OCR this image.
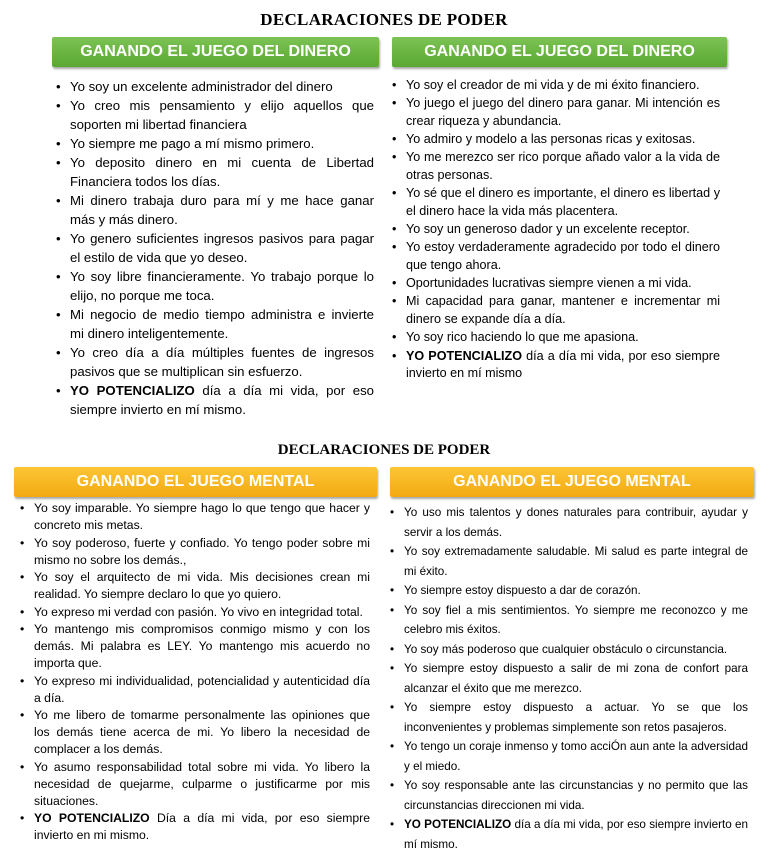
DECLARACIONES DE PODER
GANANDO EL JUEGO DEL DINERO	GANANDO EL JUEGO DEL DINERO
• Yo soy un excelente administrador del dinero
• Yo creo mis pensamiento y elijo aquellos que soporten mi libertad financiera
• Yo siempre me pago a mí mismo primero.
• Yo deposito dinero en mi cuenta de Libertad Financiera todos los días.
• Mi dinero trabaja duro para mí y me hace ganar más y más dinero.
• Yo genero suficientes ingresos pasivos para pagar el estilo de vida que yo deseo.
• Yo soy libre financieramente. Yo trabajo porque lo elijo, no porque me toca.
• Mi negocio de medio tiempo administra e invierte mi dinero inteligentemente.
• Yo creo día a día múltiples fuentes de ingresos pasivos que se multiplican sin esfuerzo.
• YO POTENCIALIZO día a día mi vida, por eso siempre invierto en mí mismo.
• Yo soy el creador de mi vida y de mi éxito financiero.
• Yo juego el juego del dinero para ganar. Mi intención es crear riqueza y abundancia.
• Yo admiro y modelo a las personas ricas y exitosas.
• Yo me merezco ser rico porque añado valor a la vida de otras personas.
• Yo sé que el dinero es importante, el dinero es libertad y el dinero hace la vida más placentera.
• Yo soy un generoso dador y un excelente receptor.
• Yo estoy verdaderamente agradecido por todo el dinero que tengo ahora.
• Oportunidades lucrativas siempre vienen a mi vida.
• Mi capacidad para ganar, mantener e incrementar mi dinero se expande día a día.
• Yo soy rico haciendo lo que me apasiona.
• YO POTENCIALIZO día a día mi vida, por eso siempre invierto en mí mismo
DECLARACIONES DE PODER
GANANDO EL JUEGO MENTAL	GANANDO EL JUEGO MENTAL
• Yo soy imparable. Yo siempre hago lo que tengo que hacer y concreto mis metas.
• Yo soy poderoso, fuerte y confiado. Yo tengo poder sobre mi mismo no sobre los demás.,
• Yo soy el arquitecto de mi vida. Mis decisiones crean mi realidad. Yo siempre declaro lo que yo quiero.
• Yo expreso mi verdad con pasión. Yo vivo en integridad total.
• Yo mantengo mis compromisos conmigo mismo y con los demás. Mi palabra es LEY. Yo mantengo mis acuerdo no importa que.
• Yo expreso mi individualidad, potencialidad y autenticidad día a día.
• Yo me libero de tomarme personalmente las opiniones que los demás tiene acerca de mi. Yo libero la necesidad de complacer a los demás.
• Yo asumo responsabilidad total sobre mi vida. Yo libero la necesidad de quejarme, culparme o justificarme por mis situaciones.
• YO POTENCIALIZO Día a día mi vida, por eso siempre invierto en mi mismo.
• Yo uso mis talentos y dones naturales para contribuir, ayudar y servir a los demás.
• Yo soy extremadamente saludable. Mi salud es parte integral de mi éxito.
• Yo siempre estoy dispuesto a dar de corazón.
• Yo soy fiel a mis sentimientos. Yo siempre me reconozco y me celebro mis éxitos.
• Yo soy más poderoso que cualquier obstáculo o circunstancia.
• Yo siempre estoy dispuesto a salir de mi zona de confort para alcanzar el éxito que me merezco.
• Yo siempre estoy dispuesto a actuar. Yo se que los inconvenientes y problemas simplemente son retos pasajeros.
• Yo tengo un coraje inmenso y tomo acciÓn aun ante la adversidad y el miedo.
• Yo soy responsable ante las circunstancias y no permito que las circunstancias direccionen mi vida.
• YO POTENCIALIZO día a día mi vida, por eso siempre invierto en mí mismo.
